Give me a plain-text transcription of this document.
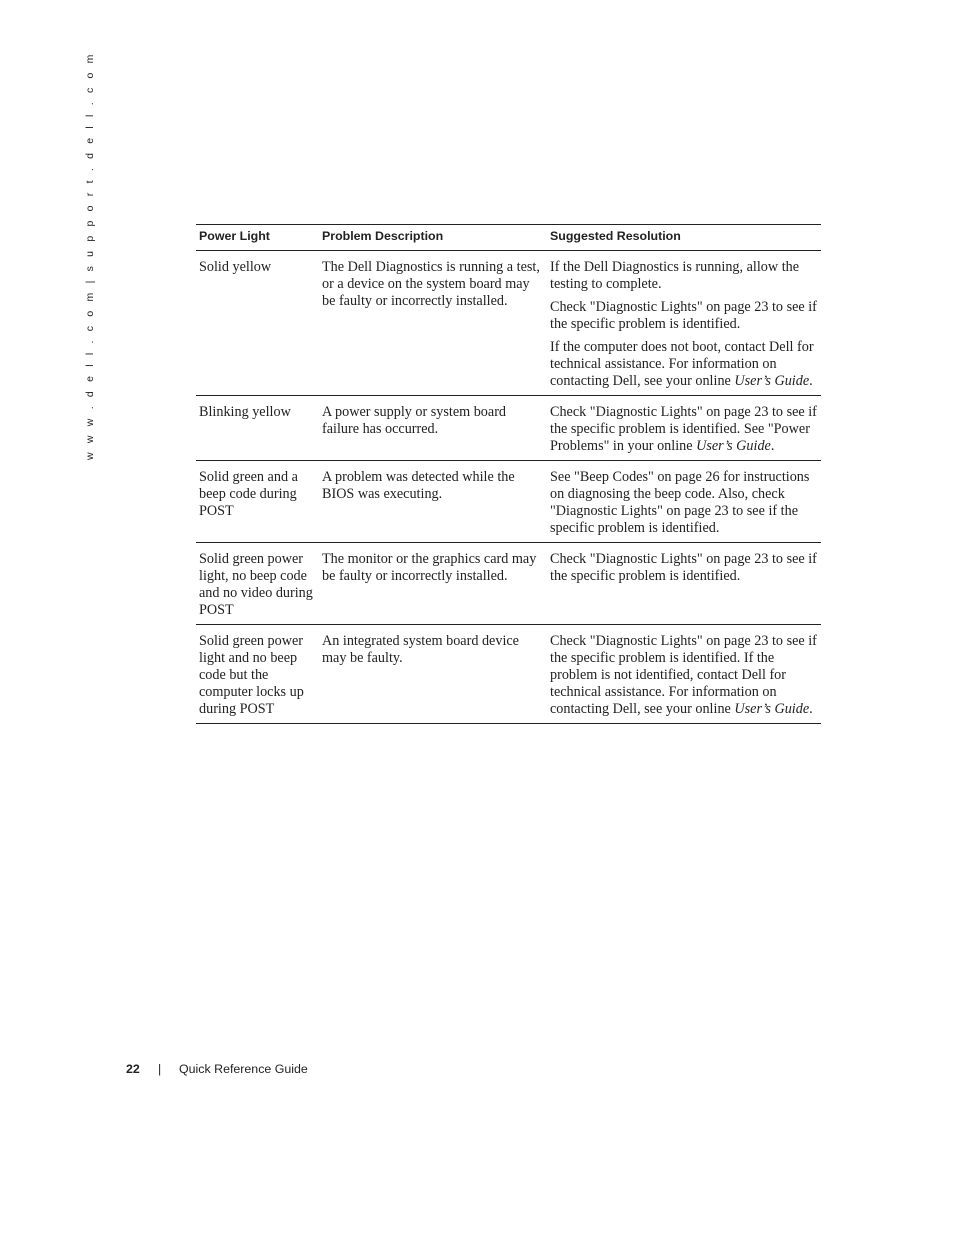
w w w . d e l l . c o m | s u p p o r t . d e l l . c o m	Power Light	Problem Description	Suggested Resolution
Solid yellow	The Dell Diagnostics is running a test, or a device on the system board may be faulty or incorrectly installed.	If the Dell Diagnostics is running, allow the testing to complete.

Check "Diagnostic Lights" on page 23 to see if the specific problem is identified.

If the computer does not boot, contact Dell for technical assistance. For information on contacting Dell, see your online User’s Guide.

Blinking yellow	A power supply or system board failure has occurred.	Check "Diagnostic Lights" on page 23 to see if the specific problem is identified. See "Power Problems" in your online User’s Guide.

Solid green and a beep code during POST	A problem was detected while the BIOS was executing.	See "Beep Codes" on page 26 for instructions on diagnosing the beep code. Also, check "Diagnostic Lights" on page 23 to see if the specific problem is identified.

Solid green power light, no beep code and no video during POST	The monitor or the graphics card may be faulty or incorrectly installed.	Check "Diagnostic Lights" on page 23 to see if the specific problem is identified.

Solid green power light and no beep code but the computer locks up during POST	An integrated system board device may be faulty.	Check "Diagnostic Lights" on page 23 to see if the specific problem is identified. If the problem is not identified, contact Dell for technical assistance. For information on contacting Dell, see your online User’s Guide.

22 | Quick Reference Guide
